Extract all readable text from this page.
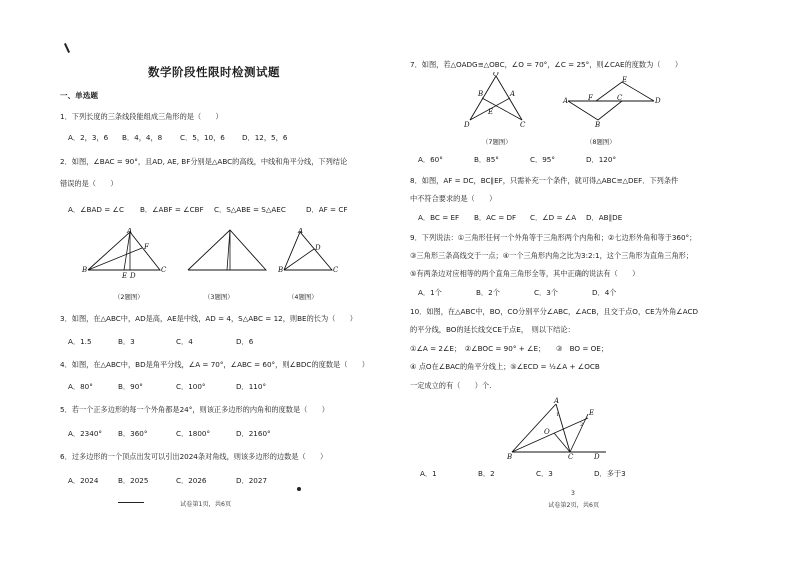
数学阶段性限时检测试题
一、单选题
1．下列长度的三条线段能组成三角形的是（　　）
A．2，3，6 B．4，4，8 C．5，10，6 D．12，5，6
2．如图，∠BAC = 90°，且AD, AE, BF分别是△ABC的高线，中线和角平分线，下列结论
错误的是（　　）
A．∠BAD = ∠C B．∠ABF = ∠CBF C．S△ABE = S△AEC	D．AF = CF
A
B	C
F
E D
A
B	C
D
（2题图）	（3题图）	（4题图）
3．如图，在△ABC中，AD是高，AE是中线，AD = 4，S△ABC = 12，则BE的长为（　　）
A．1.5	B．3	C．4	D．6
4．如图，在△ABC中，BD是角平分线，∠A = 70°，∠ABC = 60°，则∠BDC的度数是（　　）
A．80°	B．90°	C．100°	D．110°
5．若一个正多边形的每一个外角都是24°，则该正多边形的内角和的度数是（　　）
A．2340° B．360°	C．1800°	D．2160°
6．过多边形的一个顶点出发可以引出2024条对角线，则该多边形的边数是（　　）
A．2024	B．2025	C．2026	D．2027
试卷第1页，共6页
7．如图，若△OADG≌△OBC，∠O = 70°，∠C = 25°，则∠CAE的度数为（　　）
O
D	C
B	A
E
A	F	C	D
B
E
（7题图）	（8题图）
A．60°	B．85°	C．95°	D．120°
8．如图，AF = DC，BC∥EF，只需补充一个条件，就可得△ABC≌△DEF．下列条件
中不符合要求的是（　　）
A．BC = EF B．AC = DF C．∠D = ∠A D．AB∥DE
9．下列说法：①三角形任何一个外角等于三角形两个内角和；②七边形外角和等于360°；
③三角形三条高线交于一点；④一个三角形内角之比为3:2:1，这个三角形为直角三角形；
⑤有两条边对应相等的两个直角三角形全等，其中正确的说法有（　　）
A．1个	B．2个	C．3个	D．4个
10．如图，在△ABC中，BO，CO分别平分∠ABC，∠ACB，且交于点O，CE为外角∠ACD
的平分线，BO的延长线交CE于点E，　则以下结论：
①∠A = 2∠E；　②∠BOC = 90° + ∠E；　　③　BO = OE；
④ 点O在∠BAC的角平分线上；⑤∠ECD = ½∠A + ∠OCB
一定成立的有（　　）个.
A
B	C	D
E
O
1
2
A．1	B．2	C．3	D．多于3
3
试卷第2页，共6页
